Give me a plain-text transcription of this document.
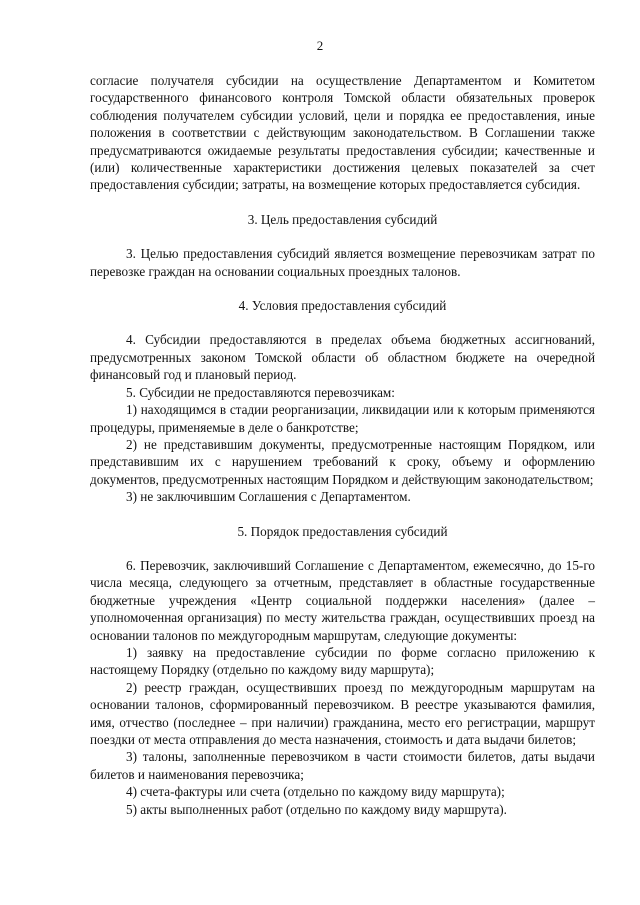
2

согласие получателя субсидии на осуществление Департаментом и Комитетом государственного финансового контроля Томской области обязательных проверок соблюдения получателем субсидии условий, цели и порядка ее предоставления, иные положения в соответствии с действующим законодательством. В Соглашении также предусматриваются ожидаемые результаты предоставления субсидии; качественные и (или) количественные характеристики достижения целевых показателей за счет предоставления субсидии; затраты, на возмещение которых предоставляется субсидия.

3. Цель предоставления субсидий

3. Целью предоставления субсидий является возмещение перевозчикам затрат по перевозке граждан на основании социальных проездных талонов.

4. Условия предоставления субсидий

4. Субсидии предоставляются в пределах объема бюджетных ассигнований, предусмотренных законом Томской области об областном бюджете на очередной финансовый год и плановый период.

5. Субсидии не предоставляются перевозчикам:

1) находящимся в стадии реорганизации, ликвидации или к которым применяются процедуры, применяемые в деле о банкротстве;

2) не представившим документы, предусмотренные настоящим Порядком, или представившим их с нарушением требований к сроку, объему и оформлению документов, предусмотренных настоящим Порядком и действующим законодательством;

3) не заключившим Соглашения с Департаментом.

5. Порядок предоставления субсидий

6. Перевозчик, заключивший Соглашение с Департаментом, ежемесячно, до 15-го числа месяца, следующего за отчетным, представляет в областные государственные бюджетные учреждения «Центр социальной поддержки населения» (далее – уполномоченная организация) по месту жительства граждан, осуществивших проезд на основании талонов по междугородным маршрутам, следующие документы:

1) заявку на предоставление субсидии по форме согласно приложению к настоящему Порядку (отдельно по каждому виду маршрута);

2) реестр граждан, осуществивших проезд по междугородным маршрутам на основании талонов, сформированный перевозчиком. В реестре указываются фамилия, имя, отчество (последнее – при наличии) гражданина, место его регистрации, маршрут поездки от места отправления до места назначения, стоимость и дата выдачи билетов;

3) талоны, заполненные перевозчиком в части стоимости билетов, даты выдачи билетов и наименования перевозчика;

4) счета-фактуры или счета (отдельно по каждому виду маршрута);

5) акты выполненных работ (отдельно по каждому виду маршрута).
